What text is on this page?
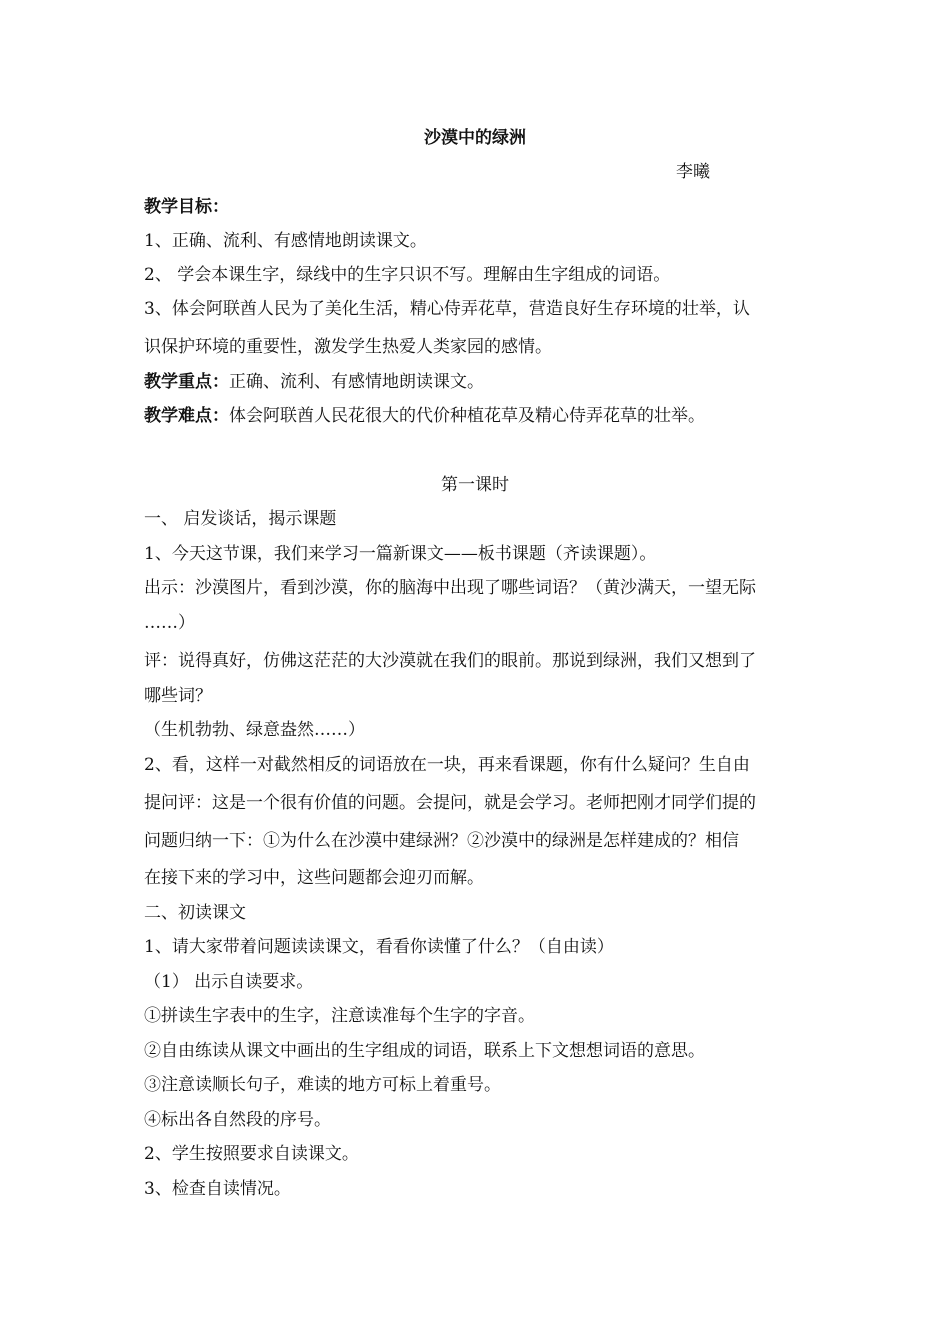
沙漠中的绿洲
李曦
教学目标：
1、正确、流利、有感情地朗读课文。
2、 学会本课生字，绿线中的生字只识不写。理解由生字组成的词语。
3、体会阿联酋人民为了美化生活，精心侍弄花草，营造良好生存环境的壮举，认
识保护环境的重要性，激发学生热爱人类家园的感情。
教学重点：正确、流利、有感情地朗读课文。
教学难点：体会阿联酋人民花很大的代价种植花草及精心侍弄花草的壮举。
第一课时
一、 启发谈话，揭示课题
1、今天这节课，我们来学习一篇新课文——板书课题（齐读课题）。
出示：沙漠图片，看到沙漠，你的脑海中出现了哪些词语？（黄沙满天，一望无际
……）
评：说得真好，仿佛这茫茫的大沙漠就在我们的眼前。那说到绿洲，我们又想到了
哪些词？
（生机勃勃、绿意盎然……）
2、看，这样一对截然相反的词语放在一块，再来看课题，你有什么疑问？生自由
提问评：这是一个很有价值的问题。会提问，就是会学习。老师把刚才同学们提的
问题归纳一下：①为什么在沙漠中建绿洲？②沙漠中的绿洲是怎样建成的？相信
在接下来的学习中，这些问题都会迎刃而解。
二、初读课文
1、请大家带着问题读读课文，看看你读懂了什么？（自由读）
（1） 出示自读要求。
①拼读生字表中的生字，注意读准每个生字的字音。
②自由练读从课文中画出的生字组成的词语，联系上下文想想词语的意思。
③注意读顺长句子，难读的地方可标上着重号。
④标出各自然段的序号。
2、学生按照要求自读课文。
3、检查自读情况。
